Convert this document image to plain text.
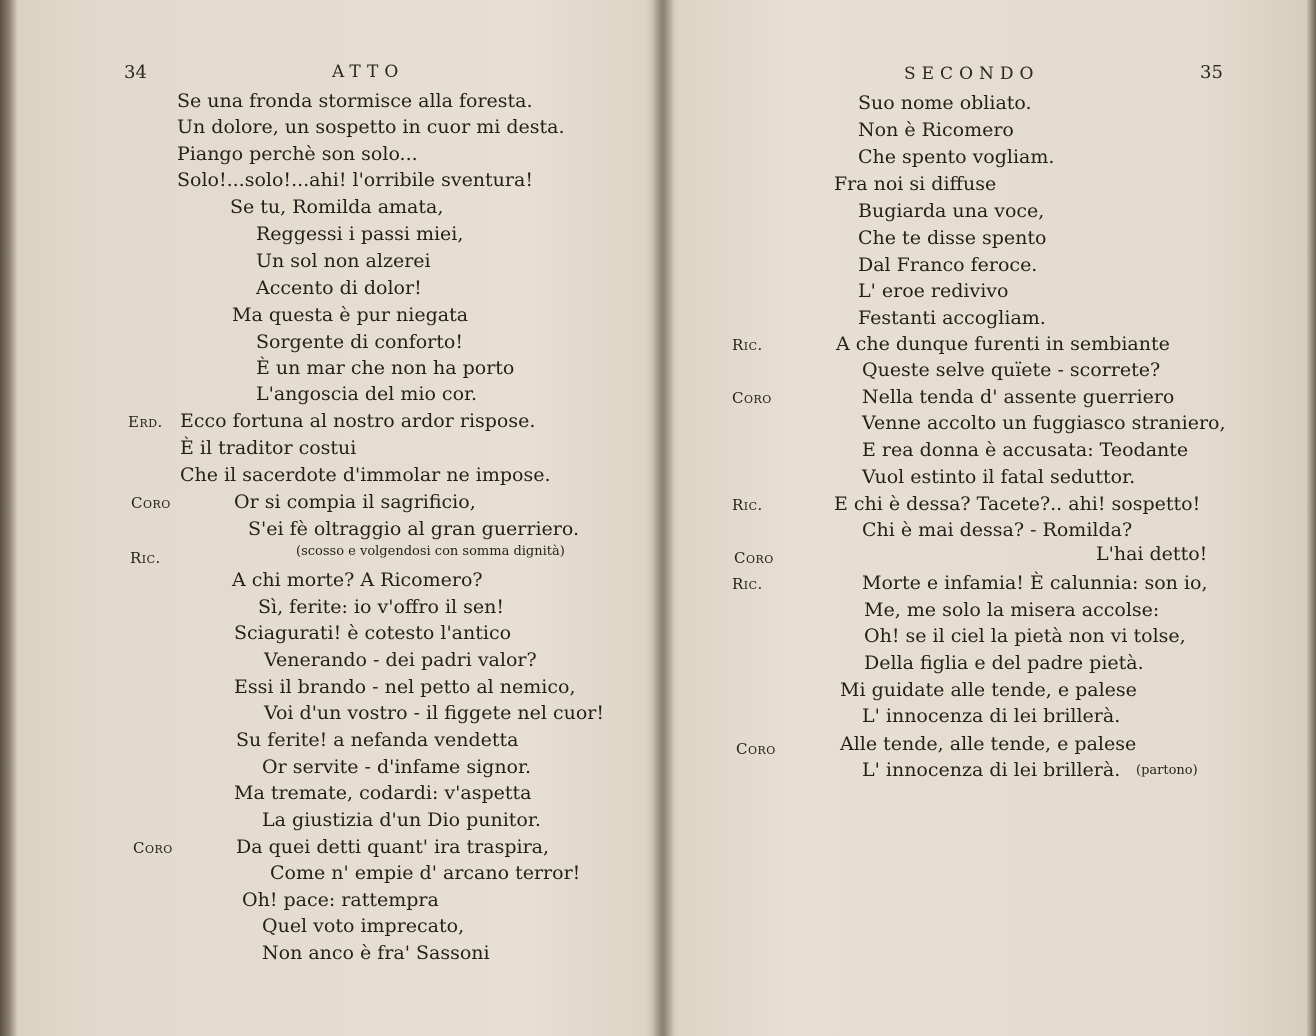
34	ATTO
Se una fronda stormisce alla foresta.
Un dolore, un sospetto in cuor mi desta.
Piango perchè son solo...
Solo!...solo!...ahi! l'orribile sventura!
Se tu, Romilda amata,
Reggessi i passi miei,
Un sol non alzerei
Accento di dolor!
Ma questa è pur niegata
Sorgente di conforto!
È un mar che non ha porto
L'angoscia del mio cor.
Erd. Ecco fortuna al nostro ardor rispose.
È il traditor costui
Che il sacerdote d'immolar ne impose.
Coro	Or si compia il sagrificio,
S'ei fè oltraggio al gran guerriero.
Ric.	(scosso e volgendosi con somma dignità)
A chi morte? A Ricomero?
Sì, ferite: io v'offro il sen!
Sciagurati! è cotesto l'antico
Venerando - dei padri valor?
Essi il brando - nel petto al nemico,
Voi d'un vostro - il figgete nel cuor!
Su ferite! a nefanda vendetta
Or servite - d'infame signor.
Ma tremate, codardi: v'aspetta
La giustizia d'un Dio punitor.
Coro	Da quei detti quant' ira traspira,
Come n' empie d' arcano terror!
Oh! pace: rattempra
Quel voto imprecato,
Non anco è fra' Sassoni
SECONDO	35
Suo nome obliato.
Non è Ricomero
Che spento vogliam.
Fra noi si diffuse
Bugiarda una voce,
Che te disse spento
Dal Franco feroce.
L' eroe redivivo
Festanti accogliam.
Ric.	A che dunque furenti in sembiante
Queste selve quïete - scorrete?
Coro	Nella tenda d' assente guerriero
Venne accolto un fuggiasco straniero,
E rea donna è accusata: Teodante
Vuol estinto il fatal seduttor.
Ric.	E chi è dessa? Tacete?.. ahi! sospetto!
Chi è mai dessa? - Romilda?
Coro	L'hai detto!
Ric.	Morte e infamia! È calunnia: son io,
Me, me solo la misera accolse:
Oh! se il ciel la pietà non vi tolse,
Della figlia e del padre pietà.
Mi guidate alle tende, e palese
L' innocenza di lei brillerà.
Coro	Alle tende, alle tende, e palese
L' innocenza di lei brillerà. (partono)
